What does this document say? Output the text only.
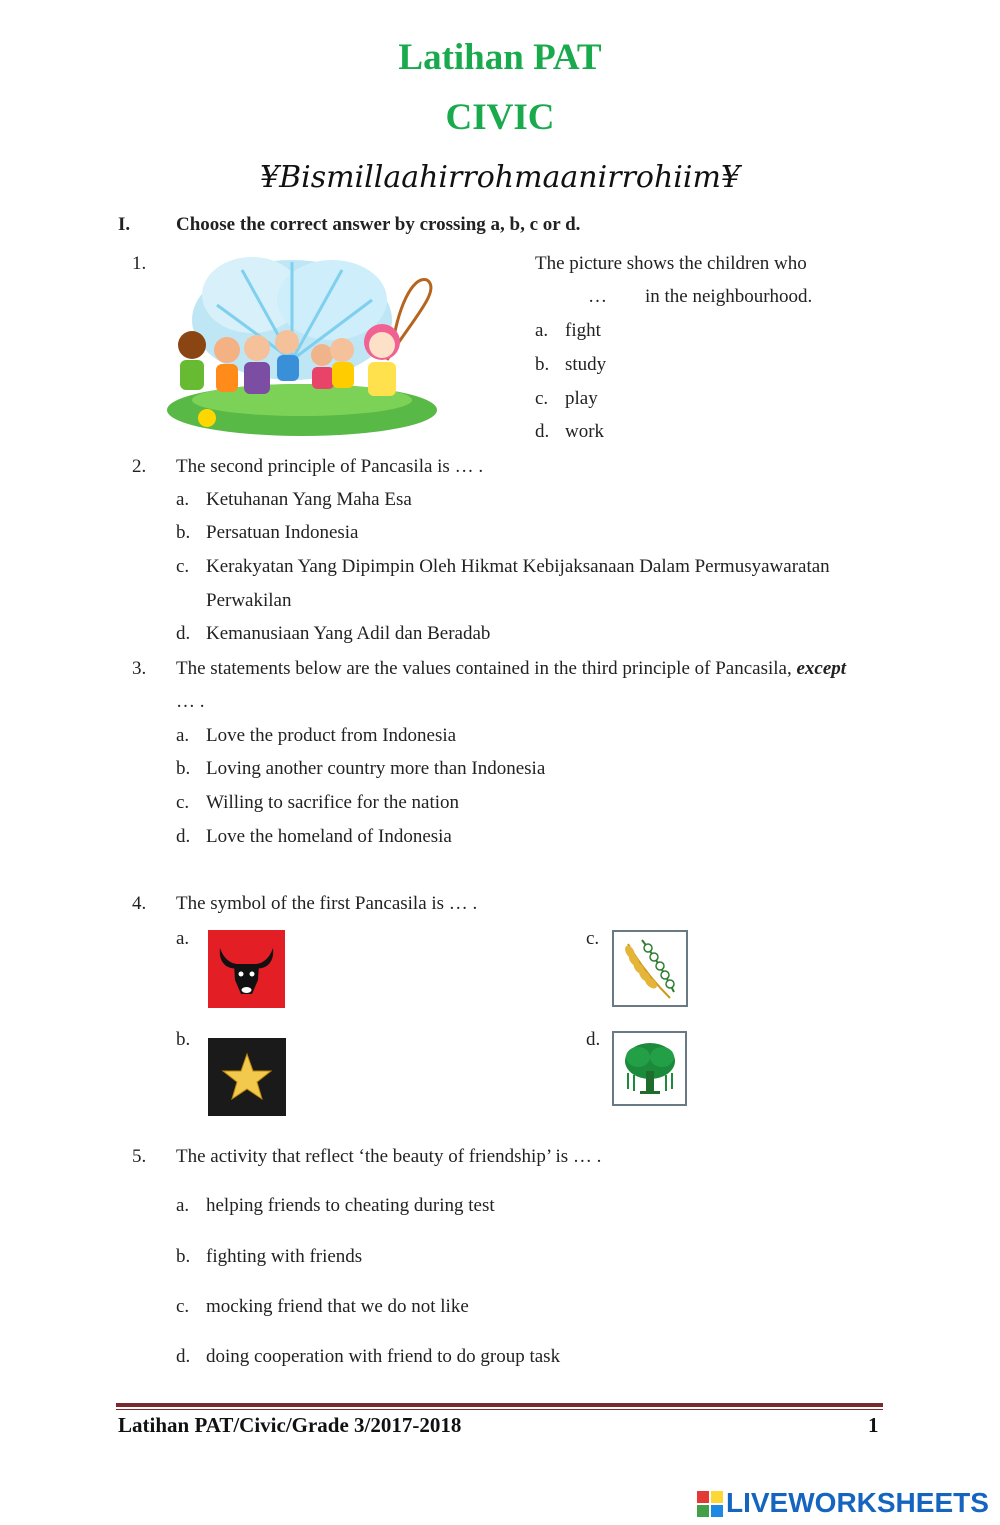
Latihan PAT
CIVIC
¥Bismillaahirrohmaanirrohiim¥
I. Choose the correct answer by crossing a, b, c or d.
1.	The picture shows the children who
… in the neighbourhood.
a. fight
b. study
c. play
d. work
2. The second principle of Pancasila is … .
a. Ketuhanan Yang Maha Esa
b. Persatuan Indonesia
c. Kerakyatan Yang Dipimpin Oleh Hikmat Kebijaksanaan Dalam Permusyawaratan
Perwakilan
d. Kemanusiaan Yang Adil dan Beradab
3. The statements below are the values contained in the third principle of Pancasila, except
… .
a. Love the product from Indonesia
b. Loving another country more than Indonesia
c. Willing to sacrifice for the nation
d. Love the homeland of Indonesia
4. The symbol of the first Pancasila is … .
a.	c.
b.	d.
5. The activity that reflect ‘the beauty of friendship’ is … .
a. helping friends to cheating during test
b. fighting with friends
c. mocking friend that we do not like
d. doing cooperation with friend to do group task
Latihan PAT/Civic/Grade 3/2017-2018	1
LIVEWORKSHEETS
